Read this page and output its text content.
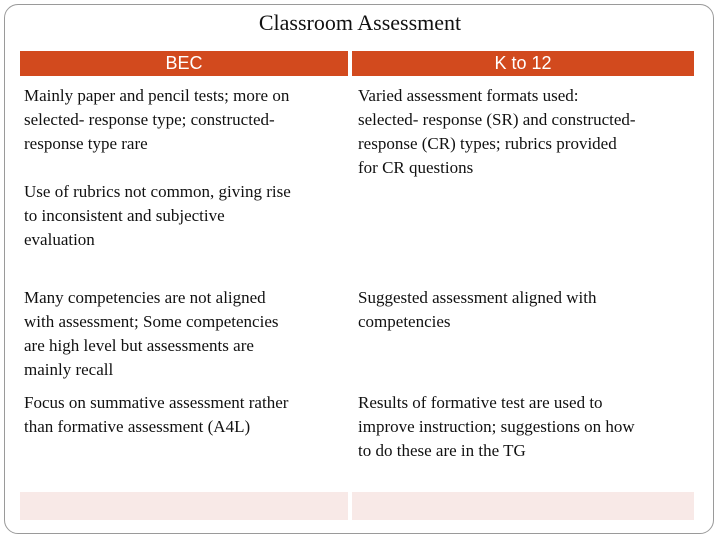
Classroom Assessment
BEC	K to 12
Mainly paper and pencil tests; more on
selected- response type; constructed-
response type rare
Varied assessment formats used:
selected- response (SR) and constructed-
response (CR) types; rubrics provided
for CR questions
Use of rubrics not common, giving rise
to inconsistent and subjective
evaluation
Many competencies are not aligned
with assessment; Some competencies
are high level but assessments are
mainly recall
Suggested assessment aligned with
competencies
Focus on summative assessment rather
than formative assessment (A4L)
Results of formative test are used to
improve instruction; suggestions on how
to do these are in the TG
